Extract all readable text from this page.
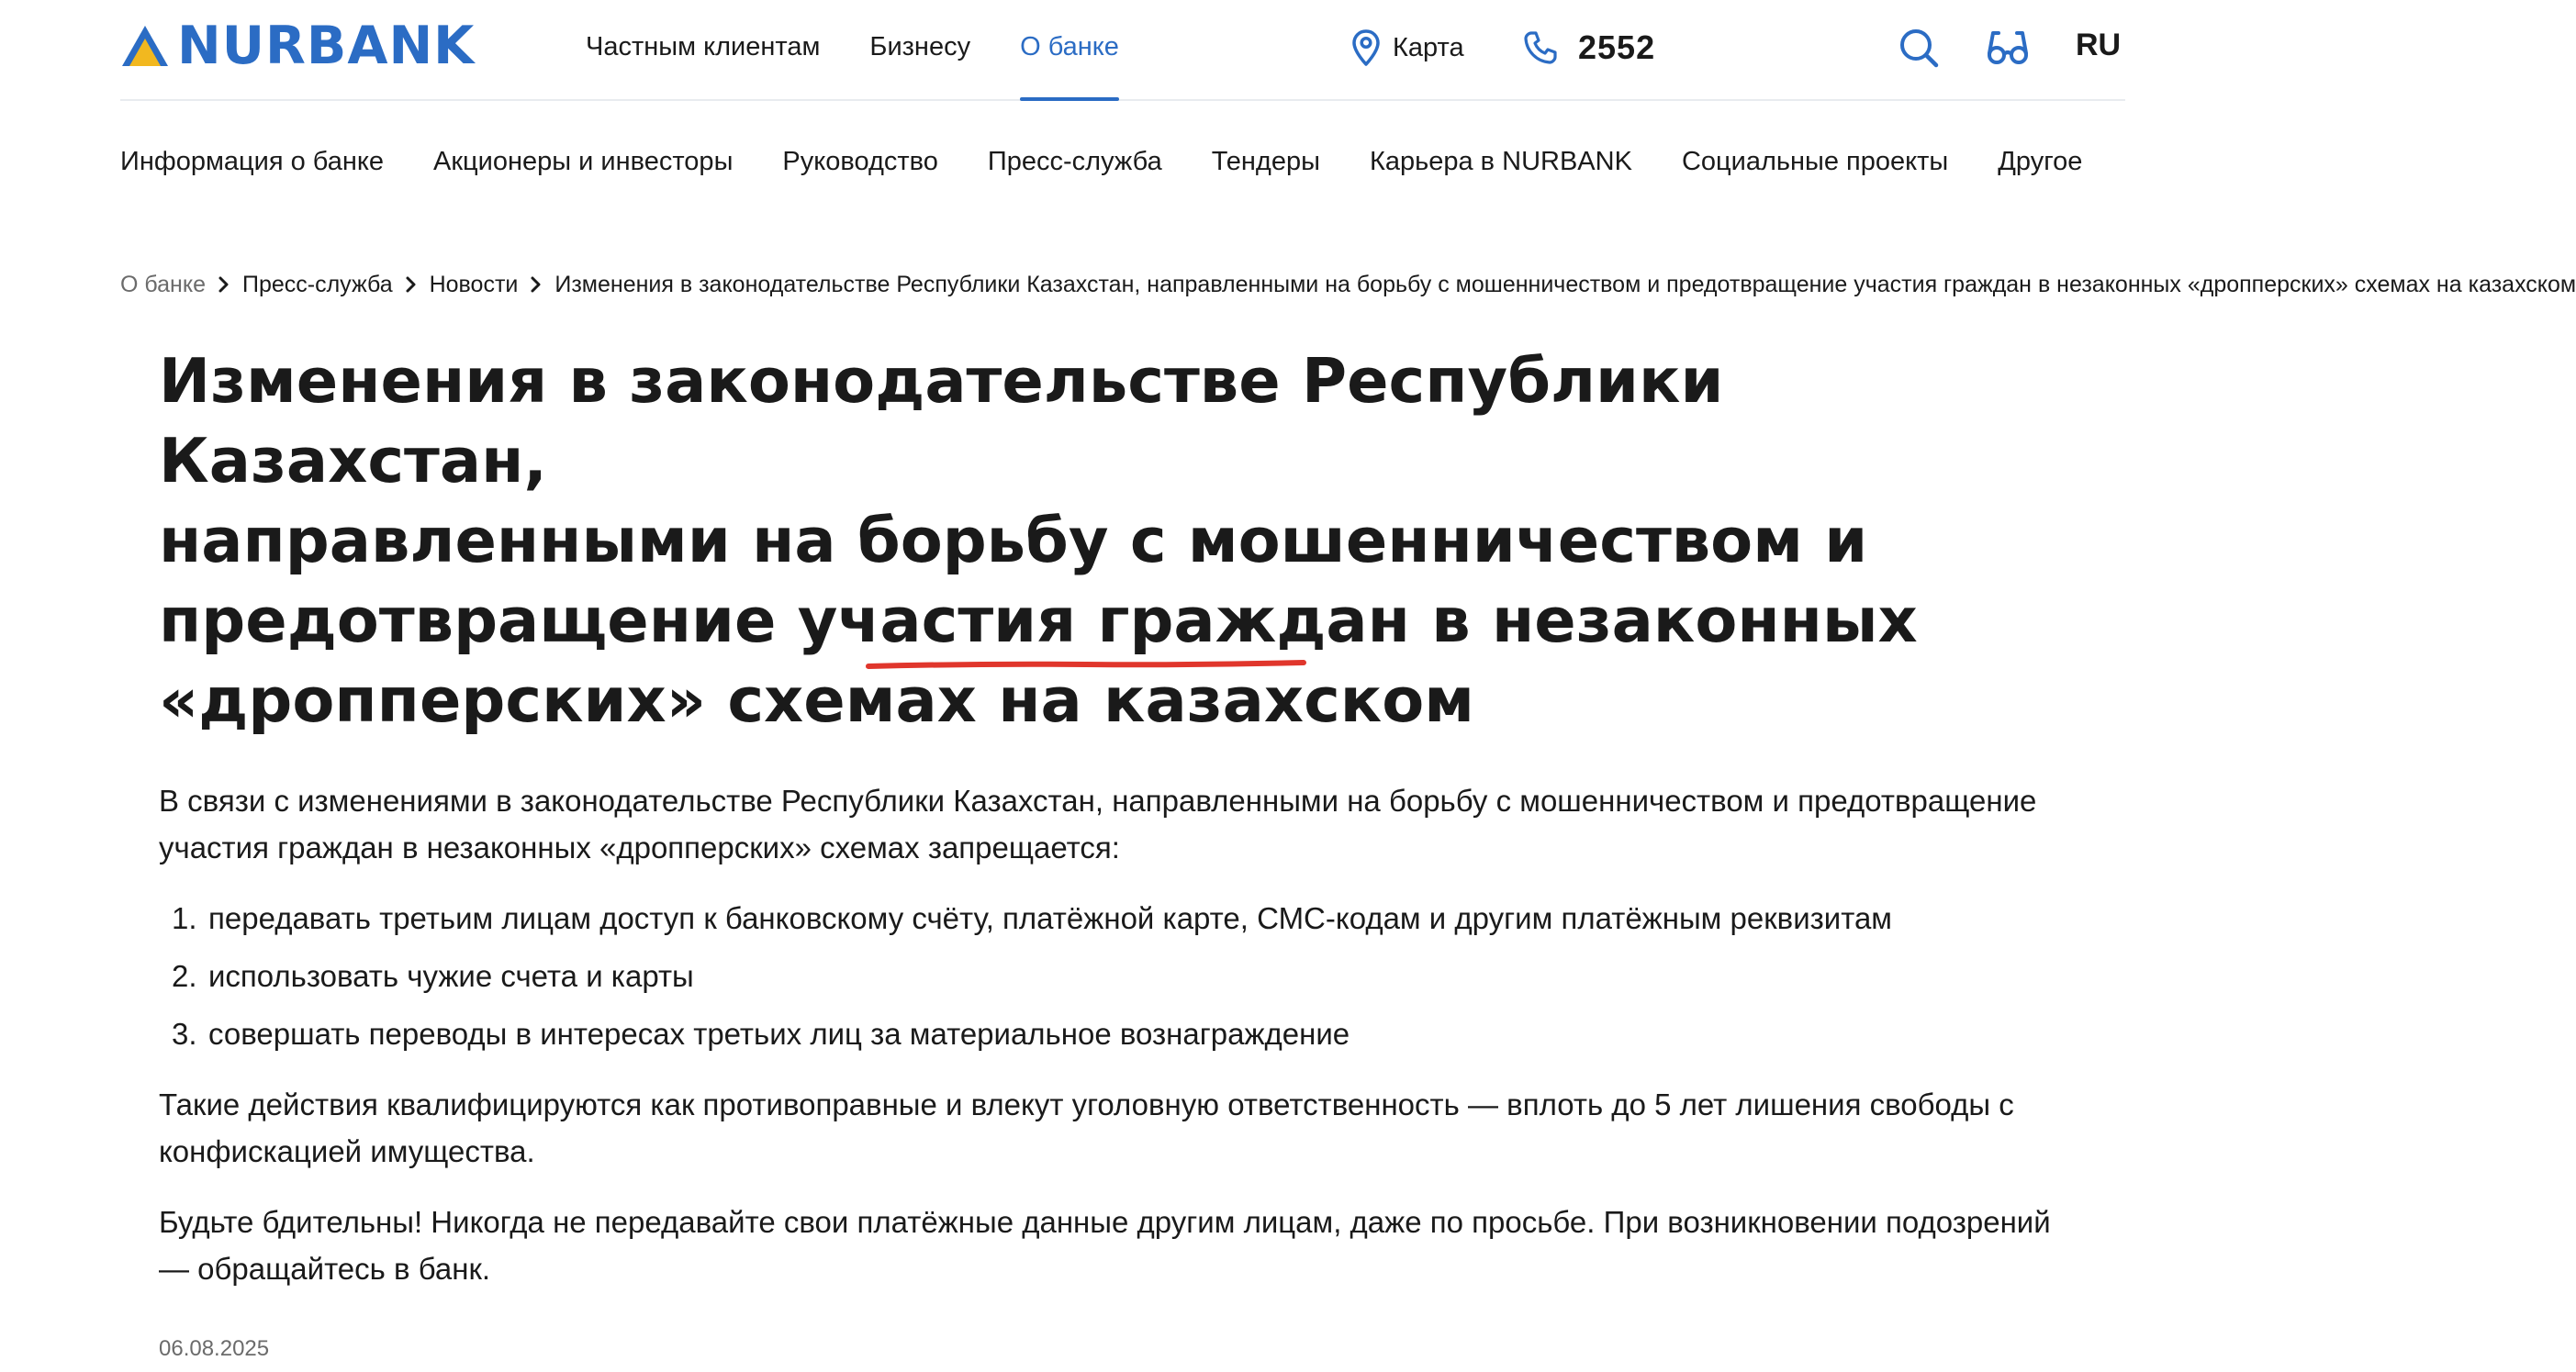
NURBANK	Частным клиентам Бизнесу О банке	Карта	2552	RU
Информация о банке Акционеры и инвесторы Руководство Пресс-служба Тендеры Карьера в NURBANK Социальные проекты Другое
О банке Пресс-служба Новости Изменения в законодательстве Республики Казахстан, направленными на борьбу с мошенничеством и предотвращение участия граждан в незаконных «дропперских» схемах на казахском
Изменения в законодательстве Республики Казахстан,
направленными на борьбу с мошенничеством и
предотвращение участия граждан в незаконных
«дропперских» схемах на казахском

В связи с изменениями в законодательстве Республики Казахстан, направленными на борьбу с мошенничеством и предотвращение участия граждан в незаконных «дропперских» схемах запрещается:

1. передавать третьим лицам доступ к банковскому счёту, платёжной карте, СМС-кодам и другим платёжным реквизитам
2. использовать чужие счета и карты
3. совершать переводы в интересах третьих лиц за материальное вознаграждение

Такие действия квалифицируются как противоправные и влекут уголовную ответственность — вплоть до 5 лет лишения свободы с конфискацией имущества.

Будьте бдительны! Никогда не передавайте свои платёжные данные другим лицам, даже по просьбе. При возникновении подозрений — обращайтесь в банк.

06.08.2025
